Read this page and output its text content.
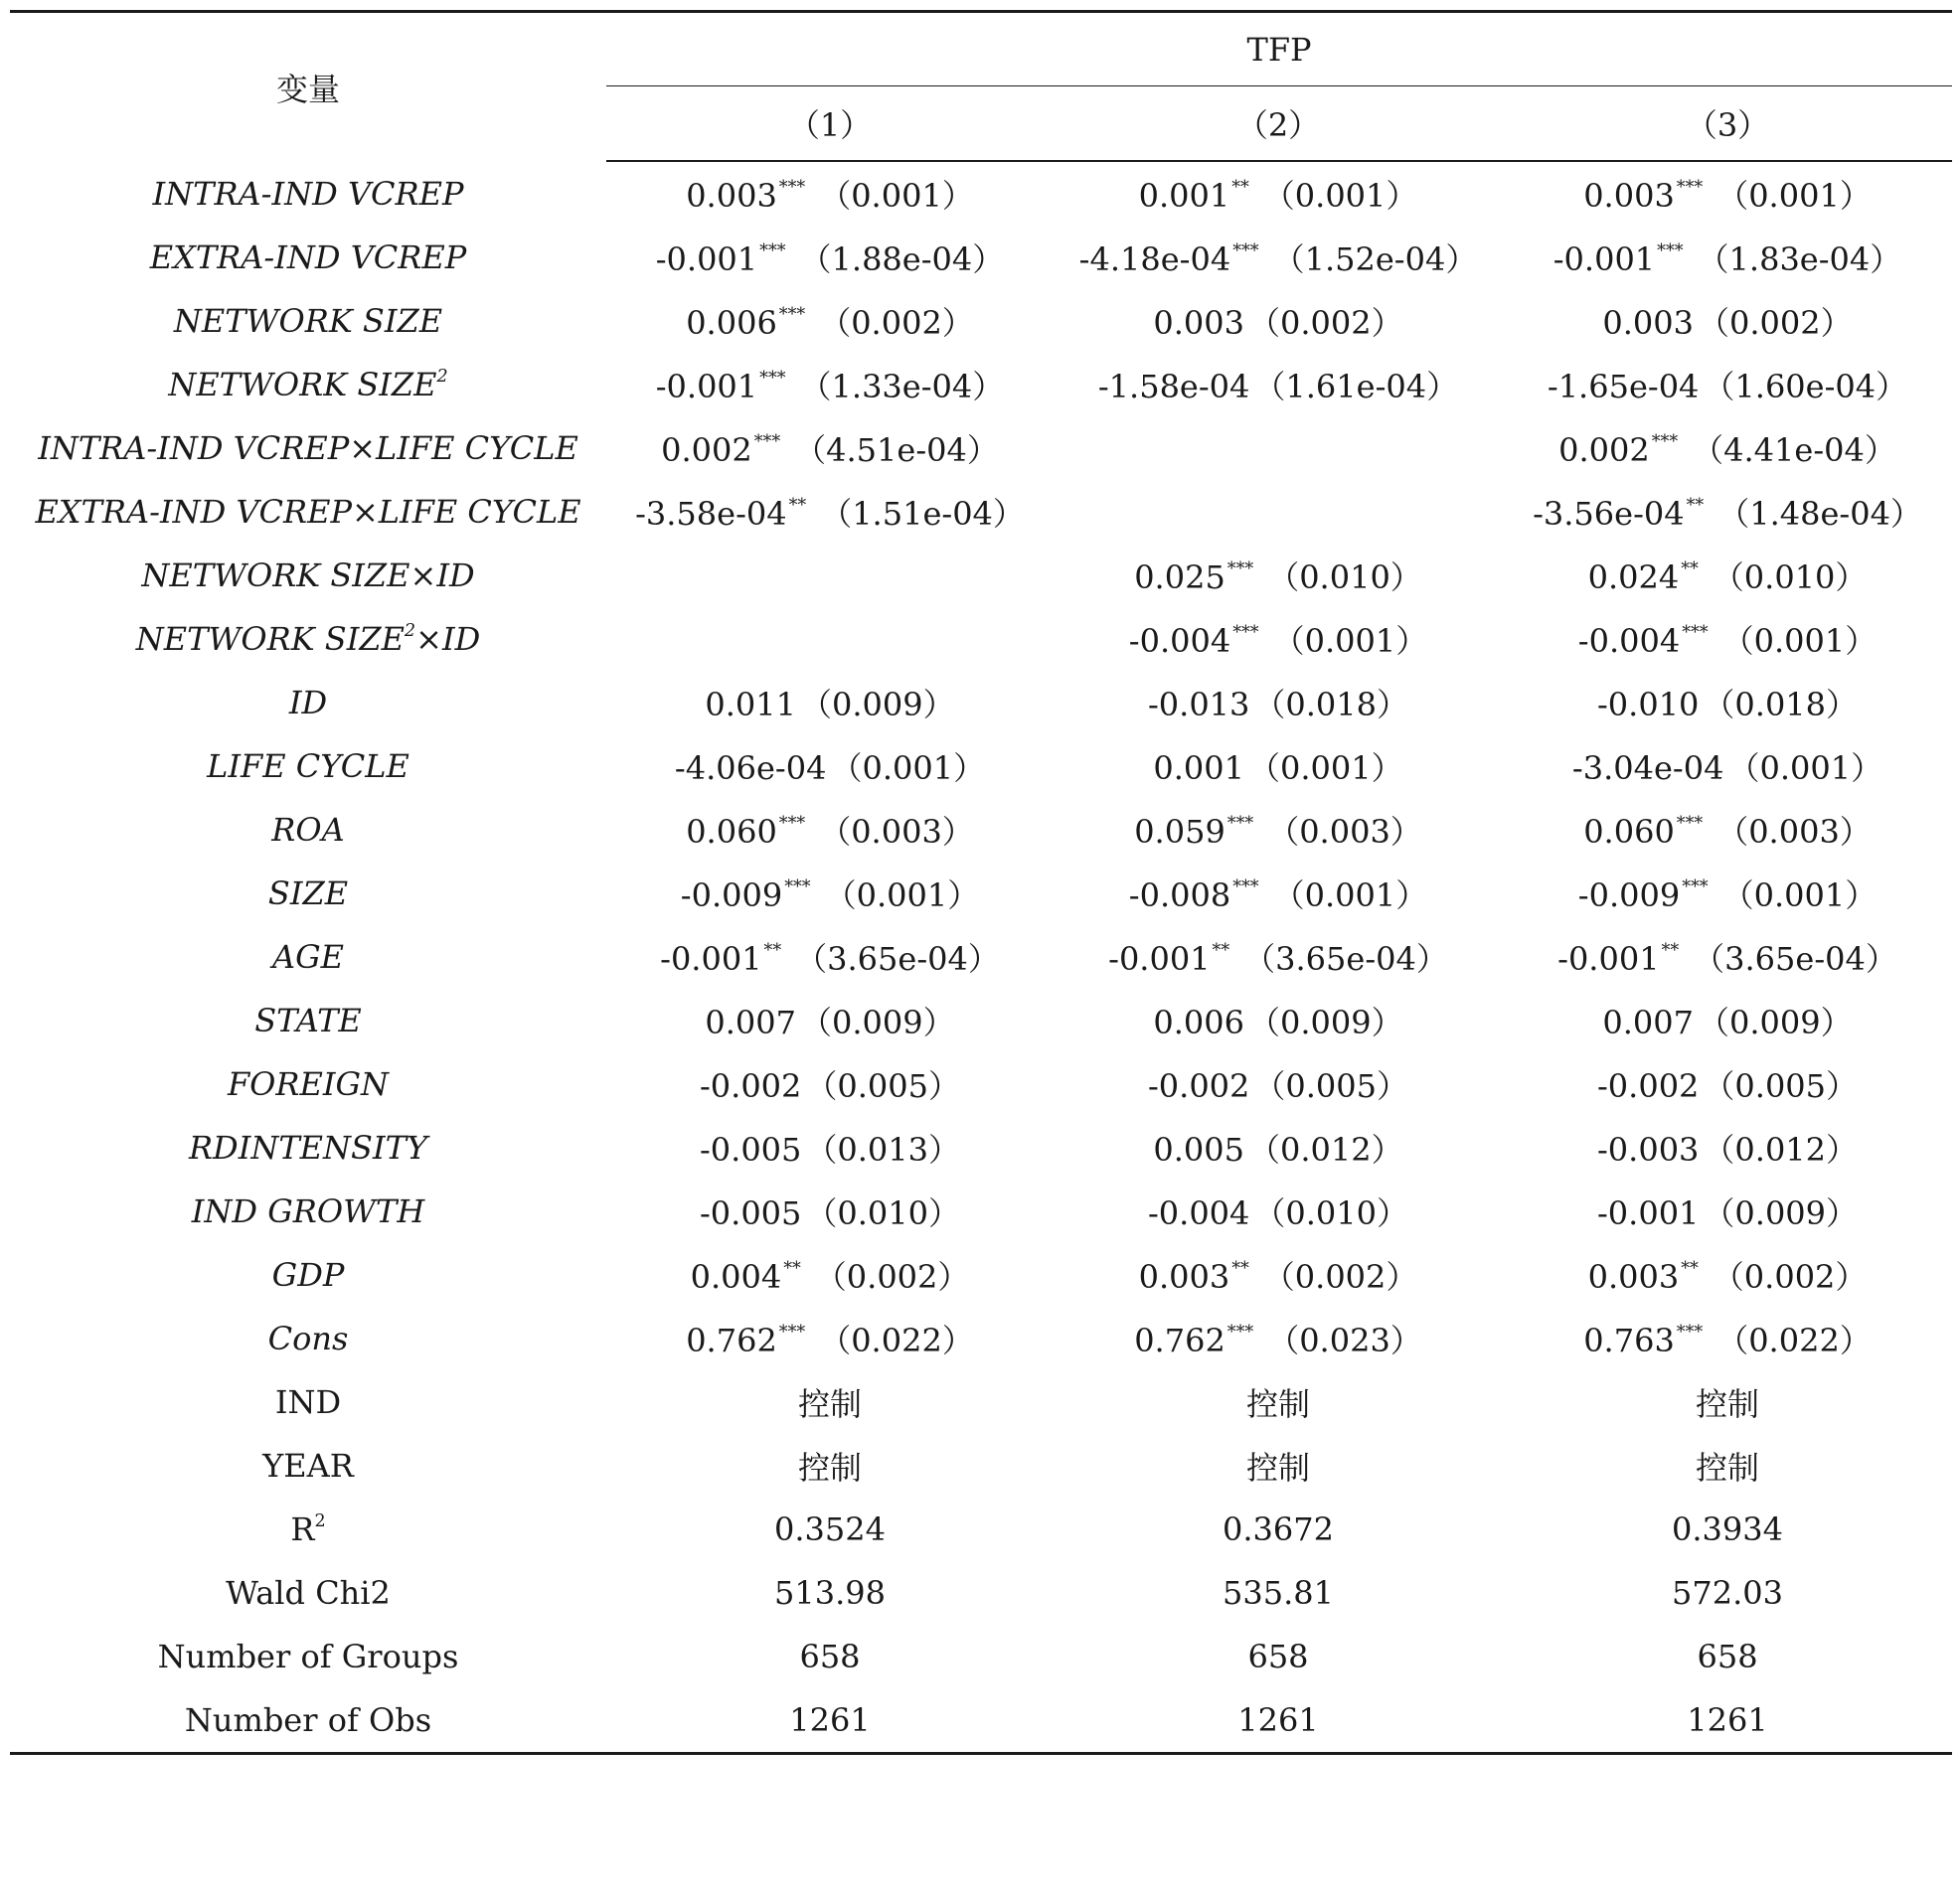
变量	TFP		
	（1）	（2）	（3）
INTRA-IND VCREP	0.003 *** （0.001）	0.001 ** （0.001）	0.003 *** （0.001）
EXTRA-IND VCREP	-0.001 *** （1.88e-04）	-4.18e-04 *** （1.52e-04）	-0.001 *** （1.83e-04）
NETWORK SIZE	0.006 *** （0.002）	0.003 （0.002）	0.003 （0.002）
NETWORK SIZE$^2$	-0.001 *** （1.33e-04）	-1.58e-04 （1.61e-04）	-1.65e-04 （1.60e-04）
INTRA-IND VCREP×LIFE CYCLE	0.002 *** （4.51e-04）		0.002 *** （4.41e-04）
EXTRA-IND VCREP×LIFE CYCLE	-3.58e-04 ** （1.51e-04）		-3.56e-04 ** （1.48e-04）
NETWORK SIZE×ID		0.025 *** （0.010）	0.024 ** （0.010）
NETWORK $SIZE^2\times ID$		-0.004 *** （0.001）	-0.004 *** （0.001）
ID	0.011 （0.009）	-0.013 （0.018）	-0.010 （0.018）
LIFE CYCLE	-4.06e-04 （0.001）	0.001 （0.001）	-3.04e-04 （0.001）
ROA	0.060 *** （0.003）	0.059 *** （0.003）	0.060 *** （0.003）
SIZE	-0.009 *** （0.001）	-0.008 *** （0.001）	-0.009 *** （0.001）
AGE	-0.001 ** （3.65e-04）	-0.001 ** （3.65e-04）	-0.001 ** （3.65e-04）
STATE	0.007 （0.009）	0.006 （0.009）	0.007 （0.009）
FOREIGN	-0.002 （0.005）	-0.002 （0.005）	-0.002 （0.005）
RDINTENSITY	-0.005 （0.013）	0.005 （0.012）	-0.003 （0.012）
IND GROWTH	-0.005 （0.010）	-0.004 （0.010）	-0.001 （0.009）
GDP	0.004 ** （0.002）	0.003 ** （0.002）	0.003 ** （0.002）
Cons	0.762 *** （0.022）	0.762 *** （0.023）	0.763 *** （0.022）
IND	控制	控制	控制
YEAR	控制	控制	控制
$R^2$	0.3524	0.3672	0.3934
Wald Chi2	513.98	535.81	572.03
Number of Groups	658	658	658
Number of Obs	1261	1261	1261
